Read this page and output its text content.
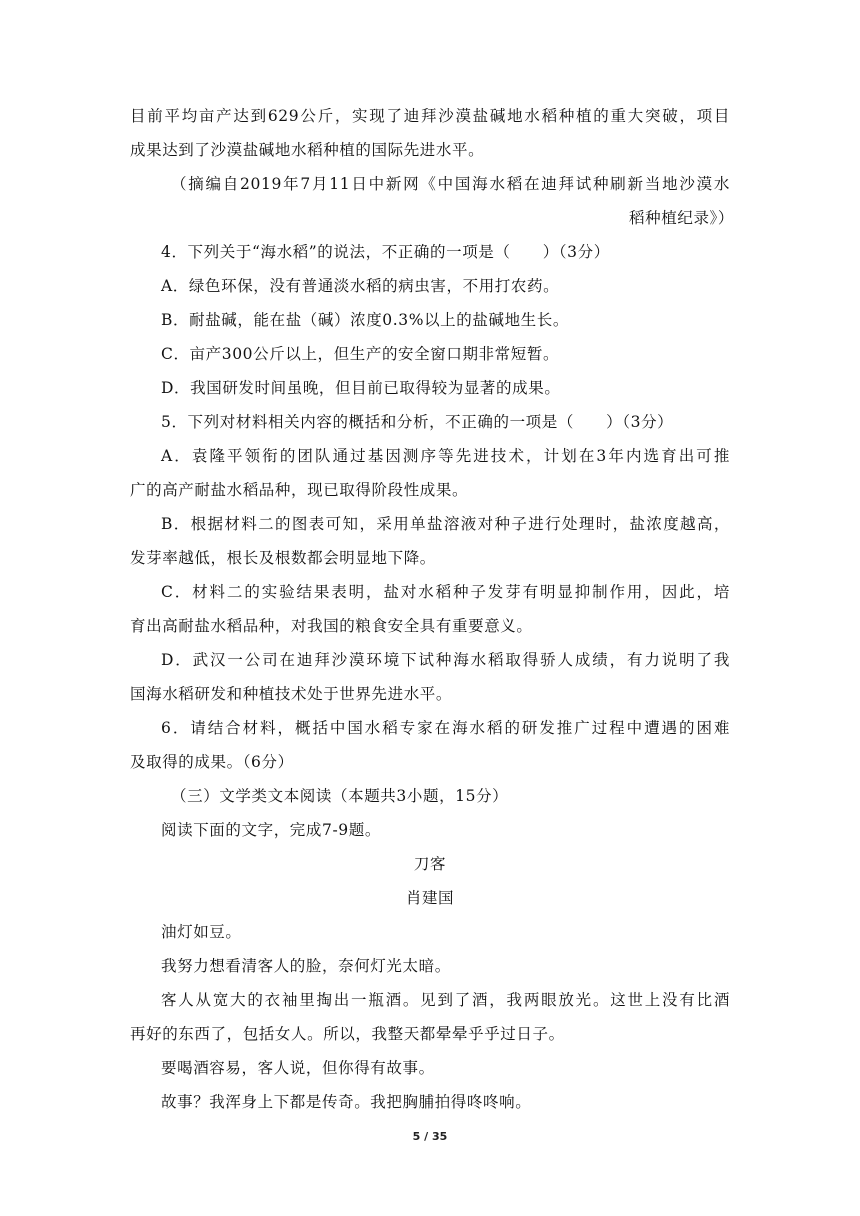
目前平均亩产达到629公斤，实现了迪拜沙漠盐碱地水稻种植的重大突破，项目
成果达到了沙漠盐碱地水稻种植的国际先进水平。
（摘编自2019年7月11日中新网《中国海水稻在迪拜试种刷新当地沙漠水
稻种植纪录》）
4．下列关于“海水稻”的说法，不正确的一项是（　　）（3分）
A．绿色环保，没有普通淡水稻的病虫害，不用打农药。
B．耐盐碱，能在盐（碱）浓度0.3%以上的盐碱地生长。
C．亩产300公斤以上，但生产的安全窗口期非常短暂。
D．我国研发时间虽晚，但目前已取得较为显著的成果。
5．下列对材料相关内容的概括和分析，不正确的一项是（　　）（3分）
A．袁隆平领衔的团队通过基因测序等先进技术，计划在3年内选育出可推
广的高产耐盐水稻品种，现已取得阶段性成果。
B．根据材料二的图表可知，采用单盐溶液对种子进行处理时，盐浓度越高，
发芽率越低，根长及根数都会明显地下降。
C．材料二的实验结果表明，盐对水稻种子发芽有明显抑制作用，因此，培
育出高耐盐水稻品种，对我国的粮食安全具有重要意义。
D．武汉一公司在迪拜沙漠环境下试种海水稻取得骄人成绩，有力说明了我
国海水稻研发和种植技术处于世界先进水平。
6．请结合材料，概括中国水稻专家在海水稻的研发推广过程中遭遇的困难
及取得的成果。（6分）
（三）文学类文本阅读（本题共3小题，15分）
阅读下面的文字，完成7-9题。
刀客
肖建国
油灯如豆。
我努力想看清客人的脸，奈何灯光太暗。
客人从宽大的衣袖里掏出一瓶酒。见到了酒，我两眼放光。这世上没有比酒
再好的东西了，包括女人。所以，我整天都晕晕乎乎过日子。
要喝酒容易，客人说，但你得有故事。
故事？我浑身上下都是传奇。我把胸脯拍得咚咚响。
5 / 35
